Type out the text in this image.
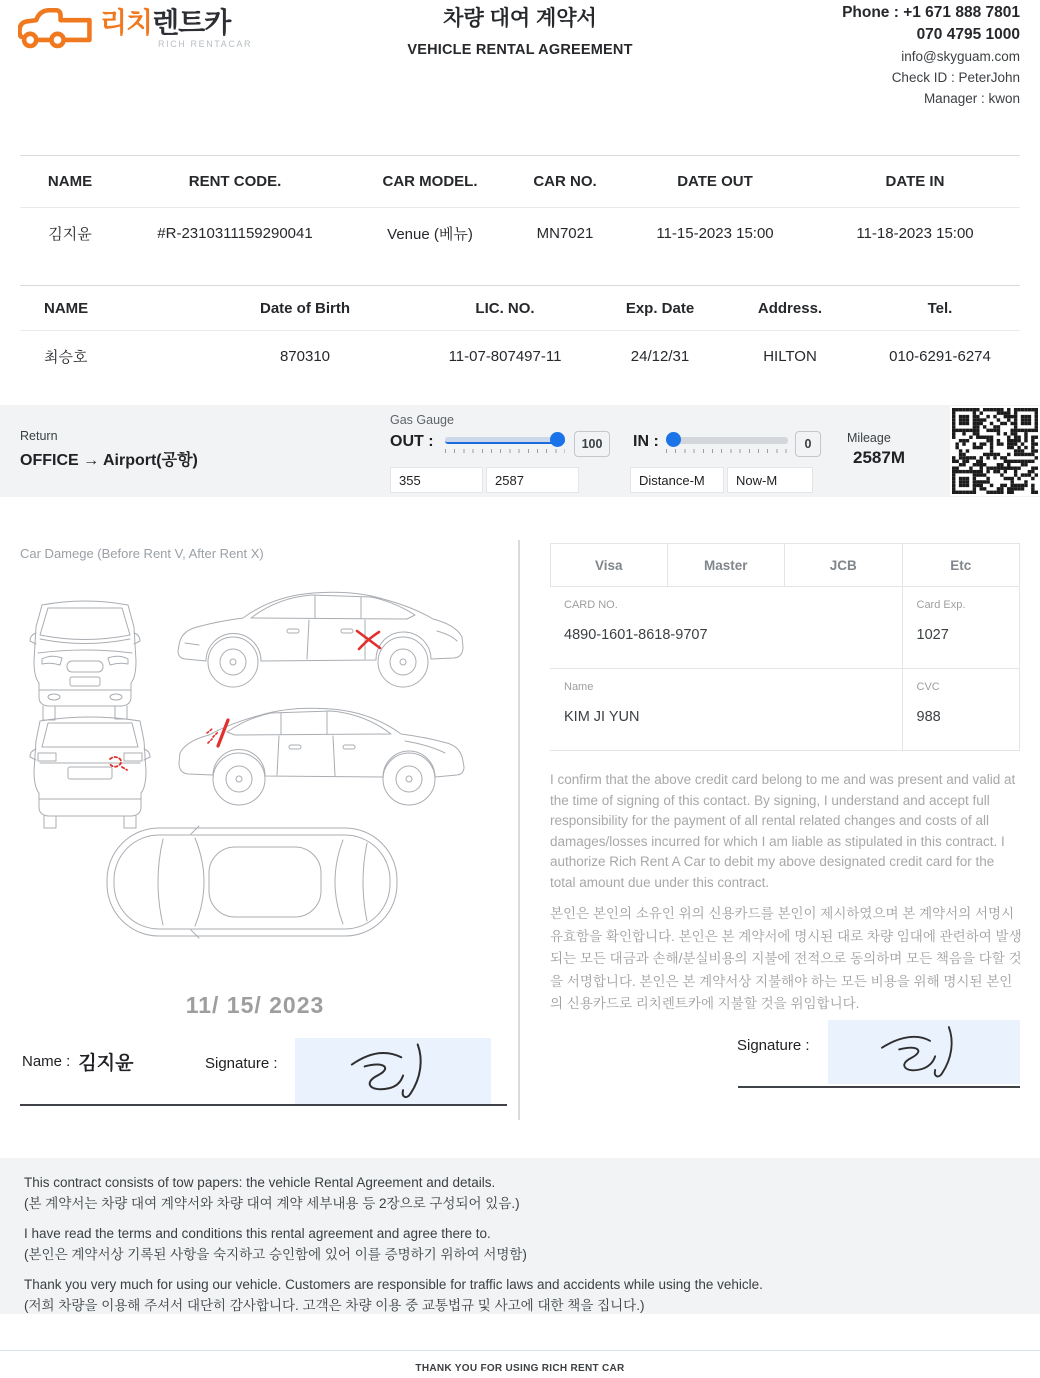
리치렌트카
RICH RENTACAR
차량 대여 계약서
VEHICLE RENTAL AGREEMENT
Phone : +1 671 888 7801
070 4795 1000
info@skyguam.com
Check ID : PeterJohn
Manager : kwon
NAME	RENT CODE.	CAR MODEL.	CAR NO.	DATE OUT	DATE IN
김지윤	#R-2310311159290041	Venue (베뉴)	MN7021	11-15-2023 15:00	11-18-2023 15:00
NAME	Date of Birth	LIC. NO.	Exp. Date	Address.	Tel.
최승호	870310	11-07-807497-11	24/12/31	HILTON	010-6291-6274
Return
OFFICE → Airport(공항)
Gas Gauge
OUT :	100
355
2587	IN :	0
Distance-M
Now-M	Mileage
2587M
Car Damege (Before Rent V, After Rent X)
11/ 15/ 2023
Name : 김지윤	Signature :
Visa	Master	JCB	Etc
CARD NO.
4890-1601-8618-9707
Card Exp.
1027
Name
KIM JI YUN
CVC
988
I confirm that the above credit card belong to me and was present and valid at the time of signing of this contact. By signing, I understand and accept full responsibility for the payment of all rental related changes and costs of all damages/losses incurred for which I am liable as stipulated in this contract. I authorize Rich Rent A Car to debit my above designated credit card for the total amount due under this contract.
본인은 본인의 소유인 위의 신용카드를 본인이 제시하였으며 본 계약서의 서명시 유효함을 확인합니다. 본인은 본 계약서에 명시된 대로 차량 임대에 관련하여 발생되는 모든 대금과 손해/분실비용의 지불에 전적으로 동의하며 모든 책음을 다할 것을 서명합니다. 본인은 본 계약서상 지불해야 하는 모든 비용을 위해 명시된 본인의 신용카드로 리치렌트카에 지불할 것을 위임합니다.
Signature :
This contract consists of tow papers: the vehicle Rental Agreement and details.
(본 계약서는 차량 대여 계약서와 차량 대여 계약 세부내용 등 2장으로 구성되어 있음.)
I have read the terms and conditions this rental agreement and agree there to.
(본인은 계약서상 기록된 사항을 숙지하고 승인함에 있어 이를 증명하기 위하여 서명함)
Thank you very much for using our vehicle. Customers are responsible for traffic laws and accidents while using the vehicle.
(저희 차량을 이용해 주셔서 대단히 감사합니다. 고객은 차량 이용 중 교통법규 및 사고에 대한 책을 집니다.)
THANK YOU FOR USING RICH RENT CAR
